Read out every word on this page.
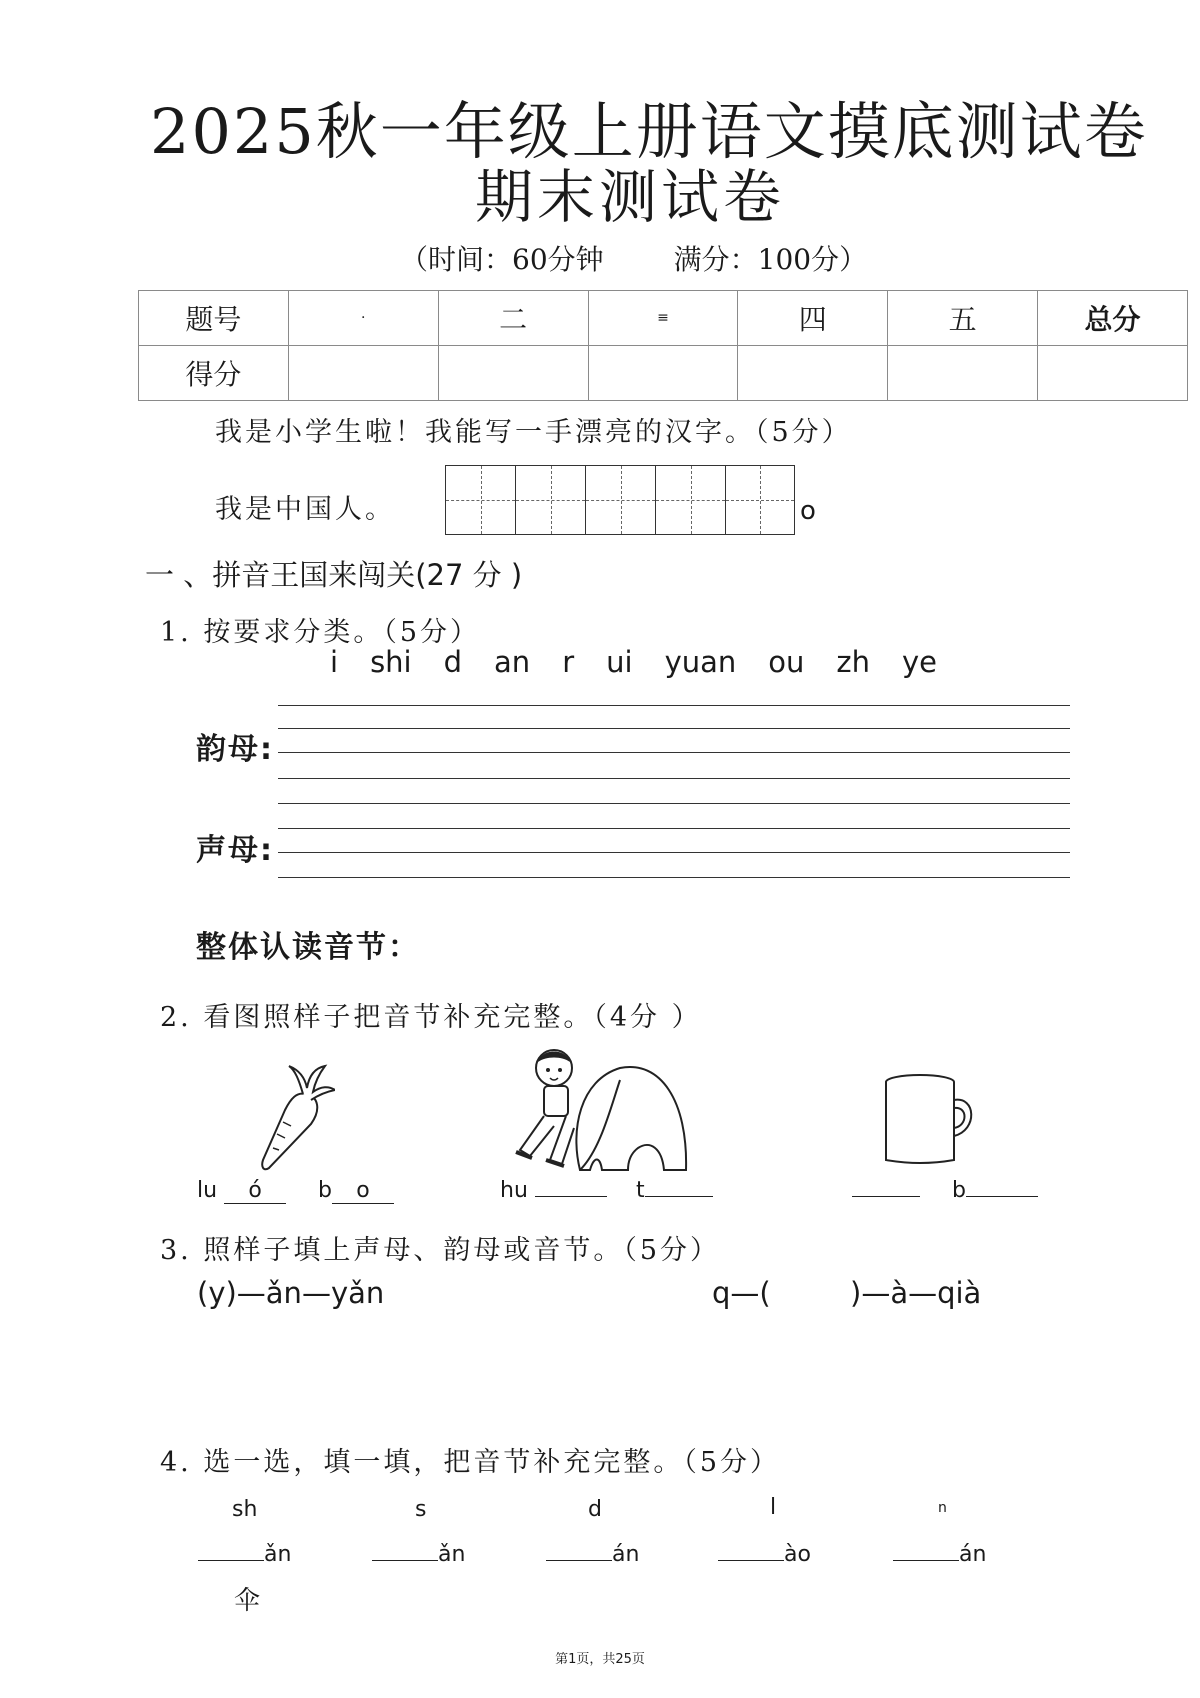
2025秋一年级上册语文摸底测试卷
期末测试卷
（时间：60分钟	满分：100分）
题号	·	二	≡	四	五	总分
得分						
我是小学生啦！我能写一手漂亮的汉字。（5分）
我是中国人。	o
一 、拼音王国来闯关(27 分 )
1. 按要求分类。（5分）
i shi d an r ui yuan ou zh ye
韵母:
声母:
整体认读音节：
2. 看图照样子把音节补充完整。（4分 ）
lu ó	b o	hu	t	b
3. 照样子填上声母、韵母或音节。（5分）
(y)—ǎn—yǎn	q—(	)—à—qià
4. 选一选，填一填，把音节补充完整。（5分）
sh	s	d	l	n
ǎn	ǎn	án	ào	án
伞
第1页，共25页
